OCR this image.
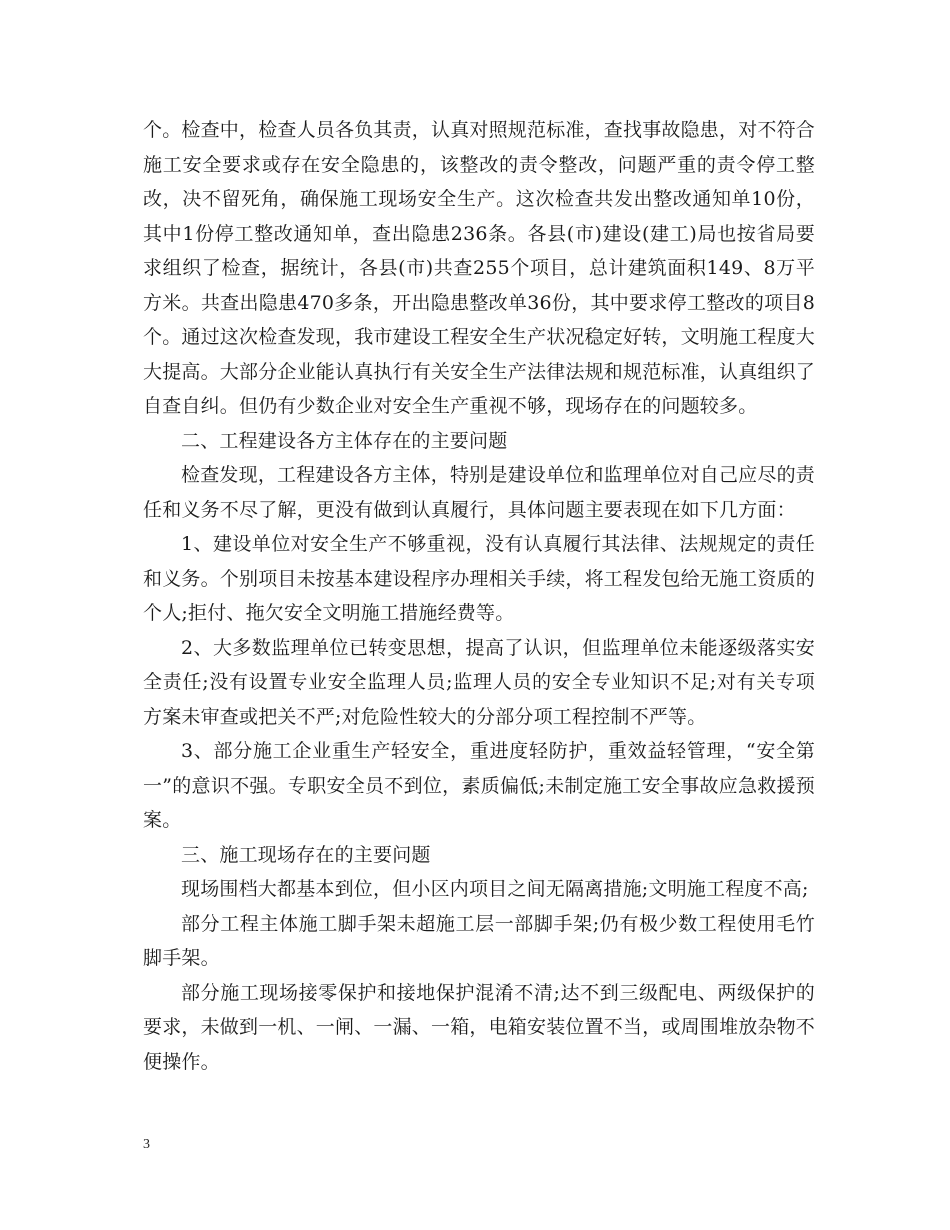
个。检查中，检查人员各负其责，认真对照规范标准，查找事故隐患，对不符合施工安全要求或存在安全隐患的，该整改的责令整改，问题严重的责令停工整改，决不留死角，确保施工现场安全生产。这次检查共发出整改通知单10份，其中1份停工整改通知单，查出隐患236条。各县(市)建设(建工)局也按省局要求组织了检查，据统计，各县(市)共查255个项目，总计建筑面积149、8万平方米。共查出隐患470多条，开出隐患整改单36份，其中要求停工整改的项目8个。通过这次检查发现，我市建设工程安全生产状况稳定好转，文明施工程度大大提高。大部分企业能认真执行有关安全生产法律法规和规范标准，认真组织了自查自纠。但仍有少数企业对安全生产重视不够，现场存在的问题较多。

二、工程建设各方主体存在的主要问题

检查发现，工程建设各方主体，特别是建设单位和监理单位对自己应尽的责任和义务不尽了解，更没有做到认真履行，具体问题主要表现在如下几方面：

1、建设单位对安全生产不够重视，没有认真履行其法律、法规规定的责任和义务。个别项目未按基本建设程序办理相关手续，将工程发包给无施工资质的个人;拒付、拖欠安全文明施工措施经费等。

2、大多数监理单位已转变思想，提高了认识，但监理单位未能逐级落实安全责任;没有设置专业安全监理人员;监理人员的安全专业知识不足;对有关专项方案未审查或把关不严;对危险性较大的分部分项工程控制不严等。

3、部分施工企业重生产轻安全，重进度轻防护，重效益轻管理，“安全第一”的意识不强。专职安全员不到位，素质偏低;未制定施工安全事故应急救援预案。

三、施工现场存在的主要问题

现场围档大都基本到位，但小区内项目之间无隔离措施;文明施工程度不高;

部分工程主体施工脚手架未超施工层一部脚手架;仍有极少数工程使用毛竹脚手架。

部分施工现场接零保护和接地保护混淆不清;达不到三级配电、两级保护的要求，未做到一机、一闸、一漏、一箱，电箱安装位置不当，或周围堆放杂物不便操作。

3
